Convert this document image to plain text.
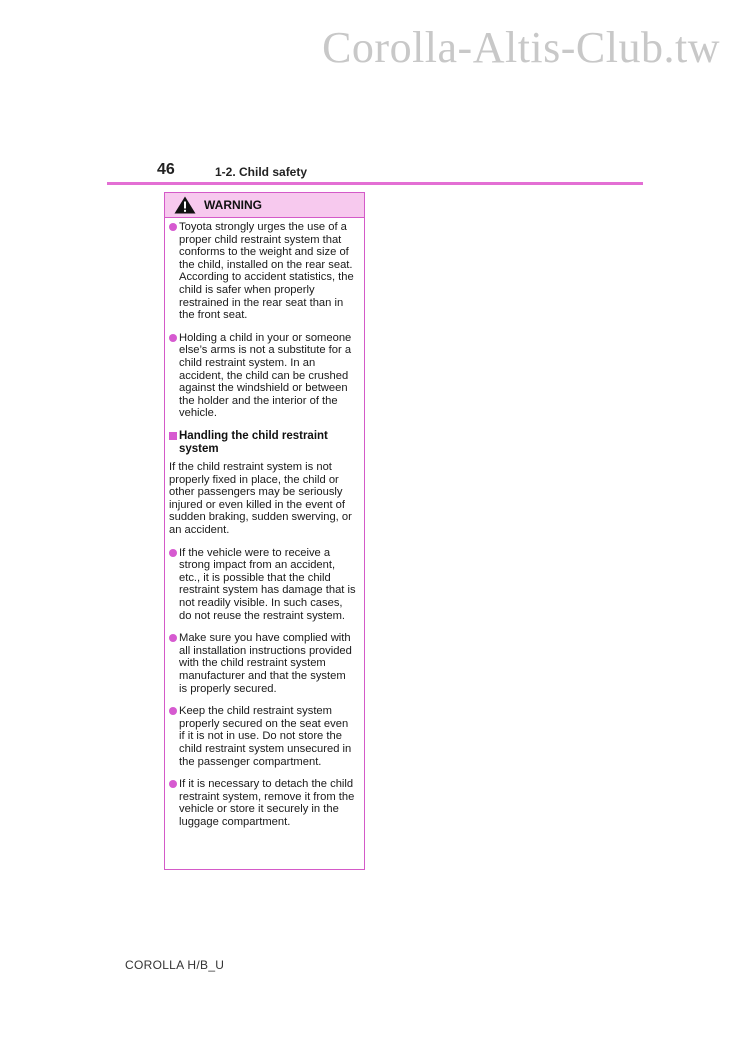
Corolla-Altis-Club.tw
46	1-2. Child safety
WARNING
Toyota strongly urges the use of a proper child restraint system that conforms to the weight and size of the child, installed on the rear seat. According to accident statistics, the child is safer when properly restrained in the rear seat than in the front seat.
Holding a child in your or someone else’s arms is not a substitute for a child restraint system. In an accident, the child can be crushed against the windshield or between the holder and the interior of the vehicle.
Handling the child restraint system
If the child restraint system is not properly fixed in place, the child or other passengers may be seriously injured or even killed in the event of sudden braking, sudden swerving, or an accident.
If the vehicle were to receive a strong impact from an accident, etc., it is possible that the child restraint system has damage that is not readily visible. In such cases, do not reuse the restraint system.
Make sure you have complied with all installation instructions provided with the child restraint system manufacturer and that the system is properly secured.
Keep the child restraint system properly secured on the seat even if it is not in use. Do not store the child restraint system unsecured in the passenger compartment.
If it is necessary to detach the child restraint system, remove it from the vehicle or store it securely in the luggage compartment.
COROLLA H/B_U
